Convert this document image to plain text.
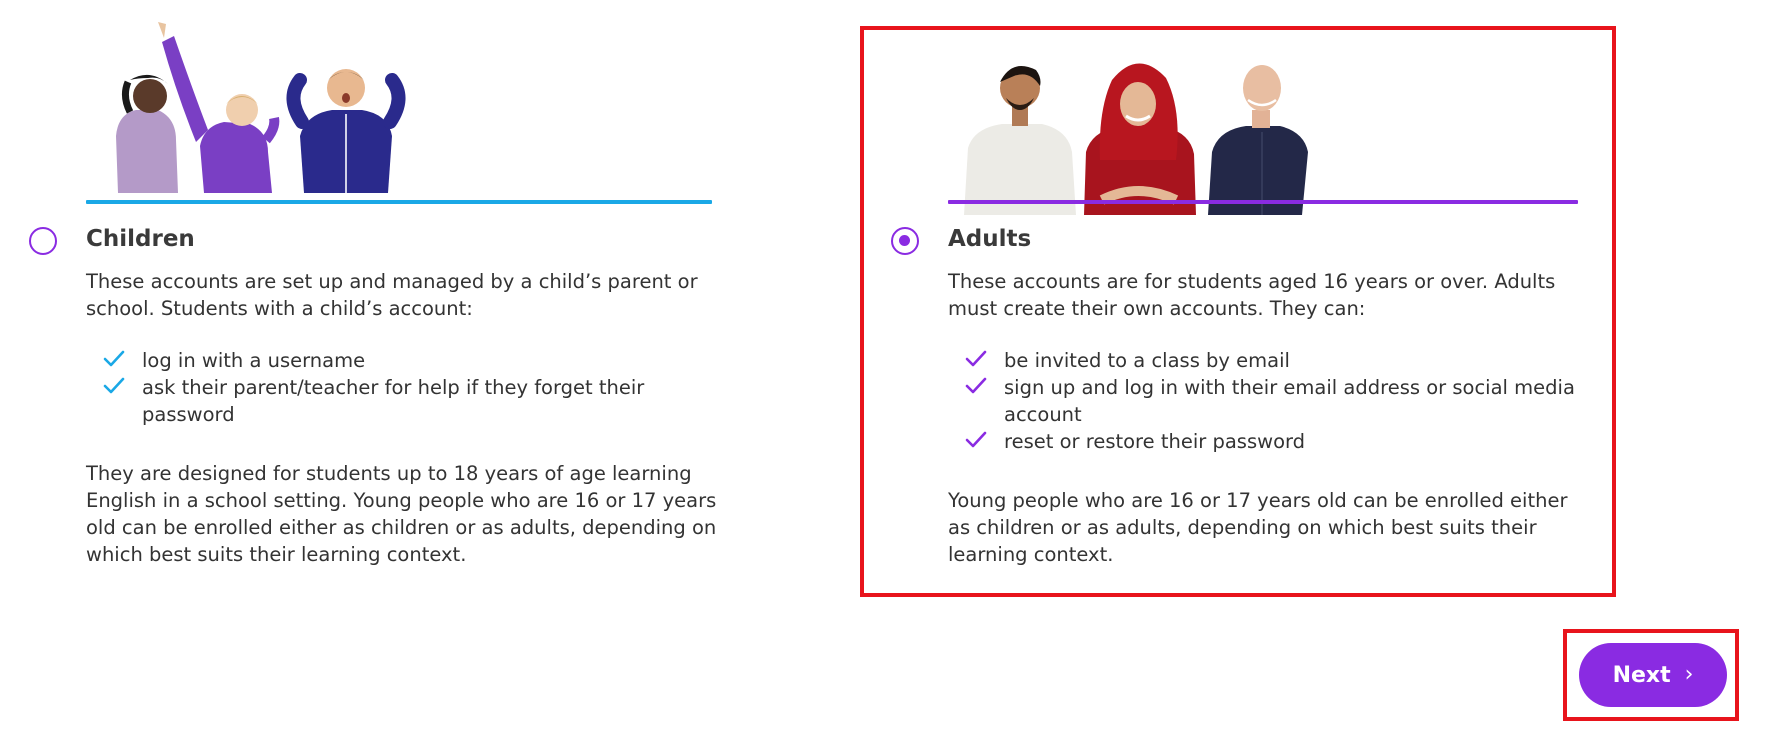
Children

These accounts are set up and managed by a child’s parent or school. Students with a child’s account:

log in with a username
ask their parent/teacher for help if they forget their password

They are designed for students up to 18 years of age learning English in a school setting. Young people who are 16 or 17 years old can be enrolled either as children or as adults, depending on which best suits their learning context.

Adults

These accounts are for students aged 16 years or over. Adults must create their own accounts. They can:

be invited to a class by email
sign up and log in with their email address or social media account
reset or restore their password

Young people who are 16 or 17 years old can be enrolled either as children or as adults, depending on which best suits their learning context.

Next ›
